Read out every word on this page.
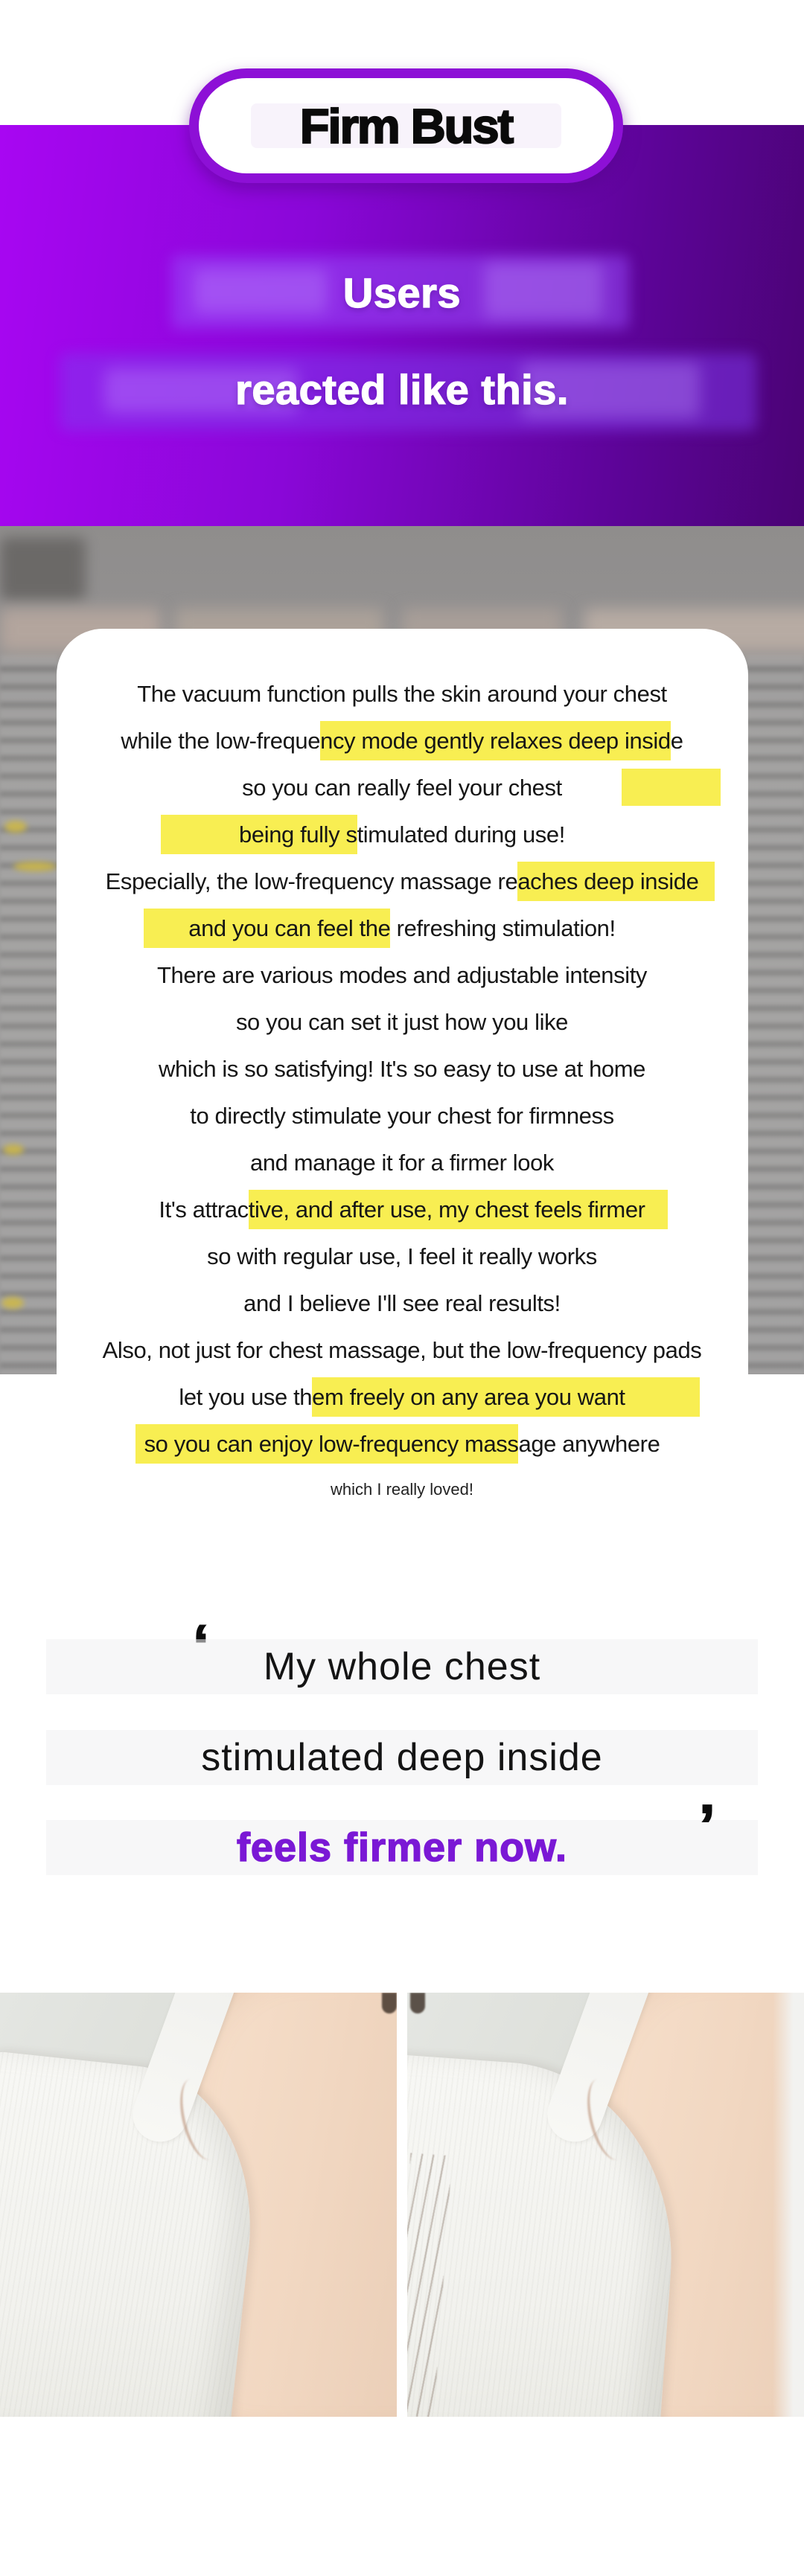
Users
reacted like this.
Firm Bust
The vacuum function pulls the skin around your chest
while the low-frequency mode gently relaxes deep inside
so you can really feel your chest
being fully stimulated during use!
Especially, the low-frequency massage reaches deep inside
and you can feel the refreshing stimulation!
There are various modes and adjustable intensity
so you can set it just how you like
which is so satisfying! It's so easy to use at home
to directly stimulate your chest for firmness
and manage it for a firmer look
It's attractive, and after use, my chest feels firmer
so with regular use, I feel it really works
and I believe I'll see real results!
Also, not just for chest massage, but the low-frequency pads
let you use them freely on any area you want
so you can enjoy low-frequency massage anywhere
which I really loved!
My whole chest
stimulated deep inside
feels firmer now.	’
